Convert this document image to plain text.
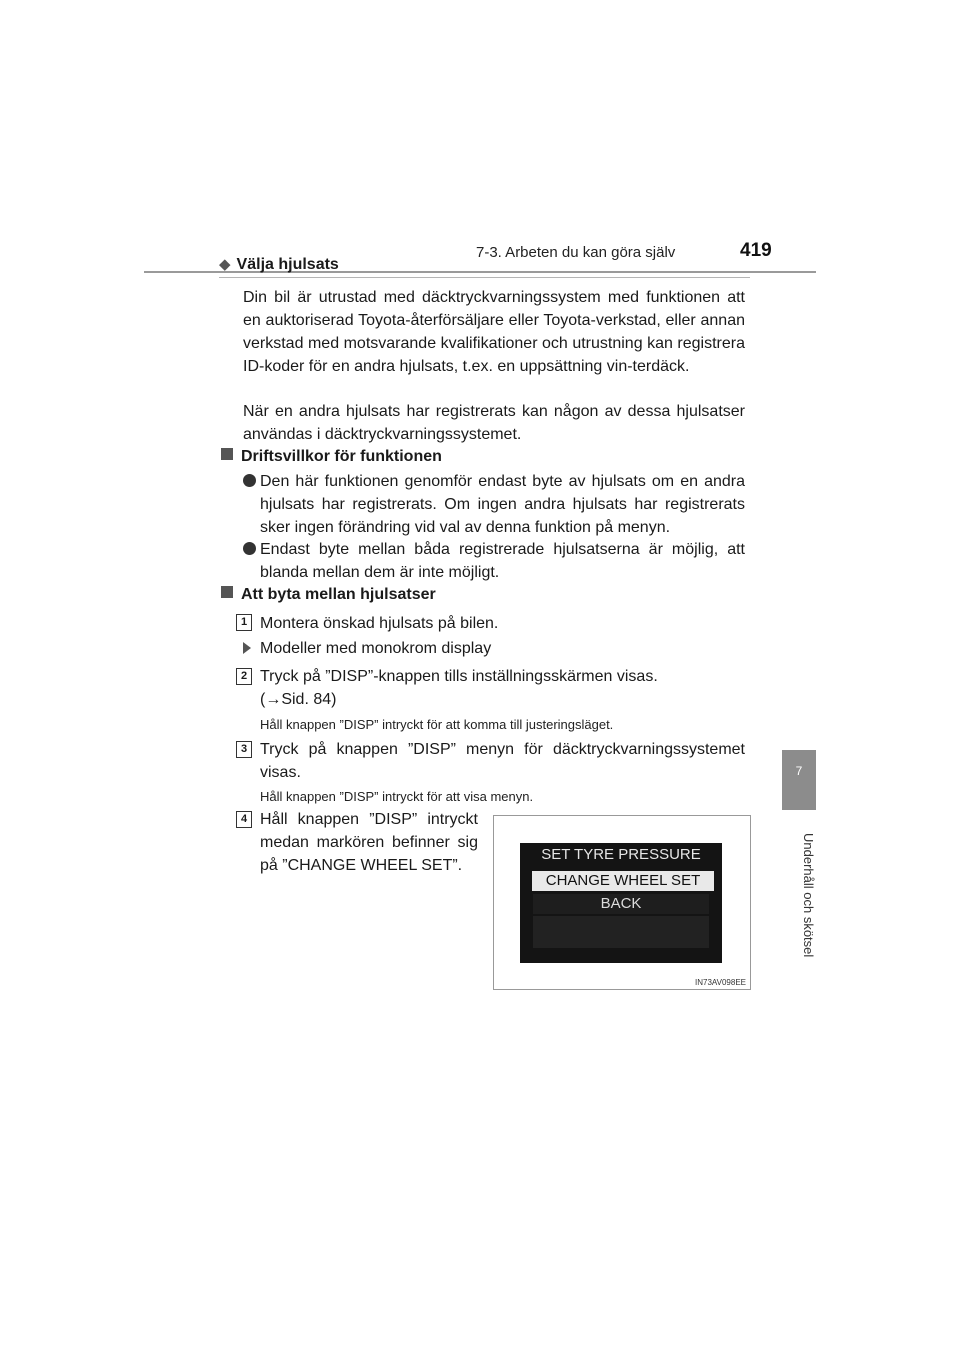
7-3. Arbeten du kan göra själv	419
7
Underhåll och skötsel
◆ Välja hjulsats
Din bil är utrustad med däcktryckvarningssystem med funktionen att en auktoriserad Toyota-återförsäljare eller Toyota-verkstad, eller annan verkstad med motsvarande kvalifikationer och utrustning kan registrera ID-koder för en andra hjulsats, t.ex. en uppsättning vin-terdäck.
När en andra hjulsats har registrerats kan någon av dessa hjulsatser användas i däcktryckvarningssystemet.
Driftsvillkor för funktionen
Den här funktionen genomför endast byte av hjulsats om en andra hjulsats har registrerats. Om ingen andra hjulsats har registrerats sker ingen förändring vid val av denna funktion på menyn.
Endast byte mellan båda registrerade hjulsatserna är möjlig, att blanda mellan dem är inte möjligt.
Att byta mellan hjulsatser
1 Montera önskad hjulsats på bilen.
Modeller med monokrom display
2 Tryck på ”DISP”-knappen tills inställningsskärmen visas.
(→Sid. 84)
Håll knappen ”DISP” intryckt för att komma till justeringsläget.
3 Tryck på knappen ”DISP” menyn för däcktryckvarningssystemet visas.
Håll knappen ”DISP” intryckt för att visa menyn.
4 Håll knappen ”DISP” intryckt medan markören befinner sig på ”CHANGE WHEEL SET”.
SET TYRE PRESSURE
CHANGE WHEEL SET
BACK
IN73AV098EE
